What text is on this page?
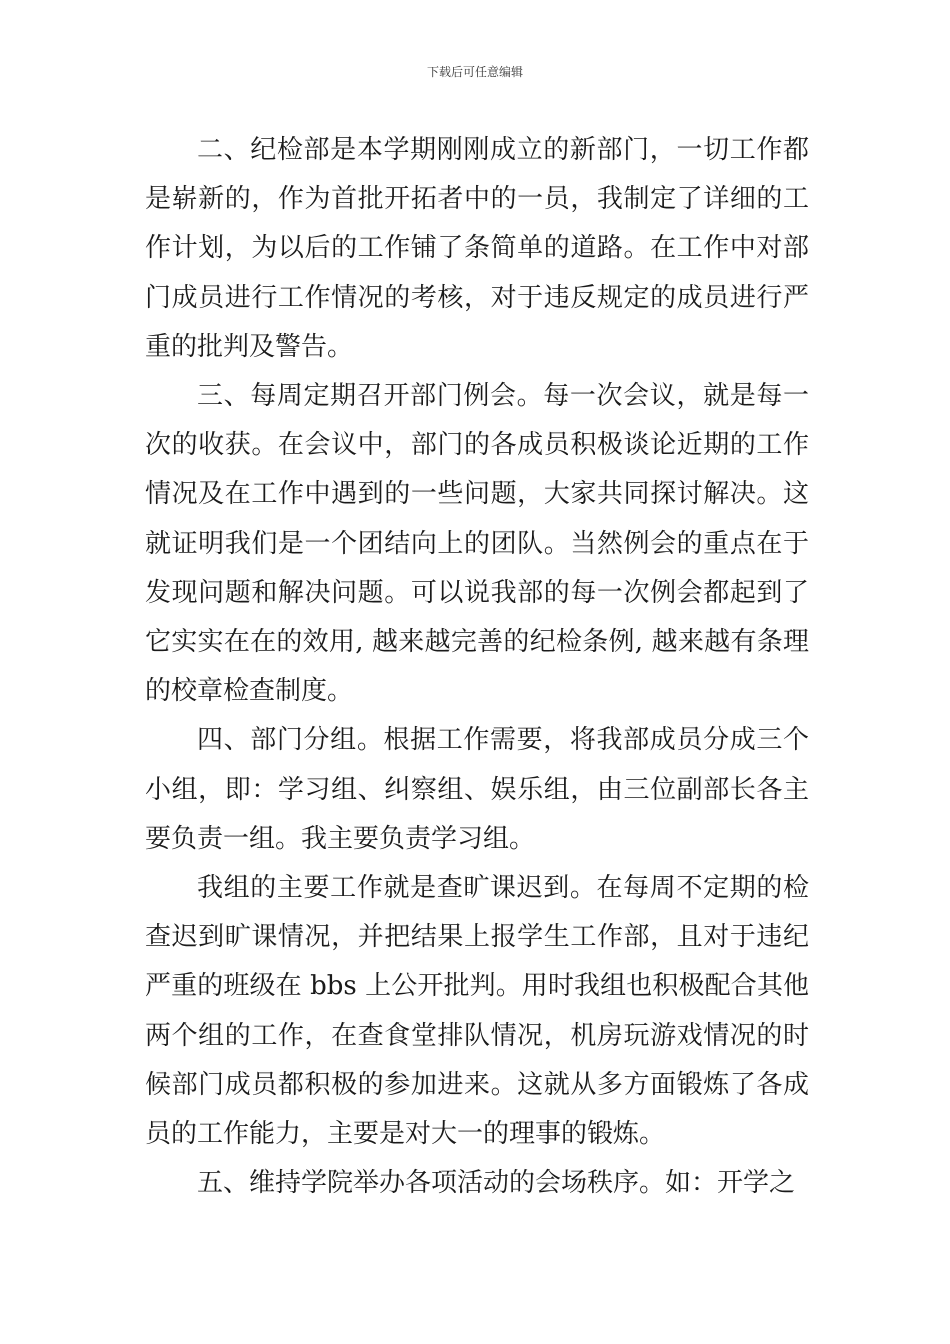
下载后可任意编辑

二、纪检部是本学期刚刚成立的新部门，一切工作都是崭新的，作为首批开拓者中的一员，我制定了详细的工作计划，为以后的工作铺了条简单的道路。在工作中对部门成员进行工作情况的考核，对于违反规定的成员进行严重的批判及警告。

三、每周定期召开部门例会。每一次会议，就是每一次的收获。在会议中，部门的各成员积极谈论近期的工作情况及在工作中遇到的一些问题，大家共同探讨解决。这就证明我们是一个团结向上的团队。当然例会的重点在于发现问题和解决问题。可以说我部的每一次例会都起到了它实实在在的效用, 越来越完善的纪检条例, 越来越有条理的校章检查制度。

四、部门分组。根据工作需要，将我部成员分成三个小组，即：学习组、纠察组、娱乐组，由三位副部长各主要负责一组。我主要负责学习组。

我组的主要工作就是查旷课迟到。在每周不定期的检查迟到旷课情况，并把结果上报学生工作部，且对于违纪严重的班级在 bbs 上公开批判。用时我组也积极配合其他两个组的工作，在查食堂排队情况，机房玩游戏情况的时候部门成员都积极的参加进来。这就从多方面锻炼了各成员的工作能力，主要是对大一的理事的锻炼。

五、维持学院举办各项活动的会场秩序。如：开学之
